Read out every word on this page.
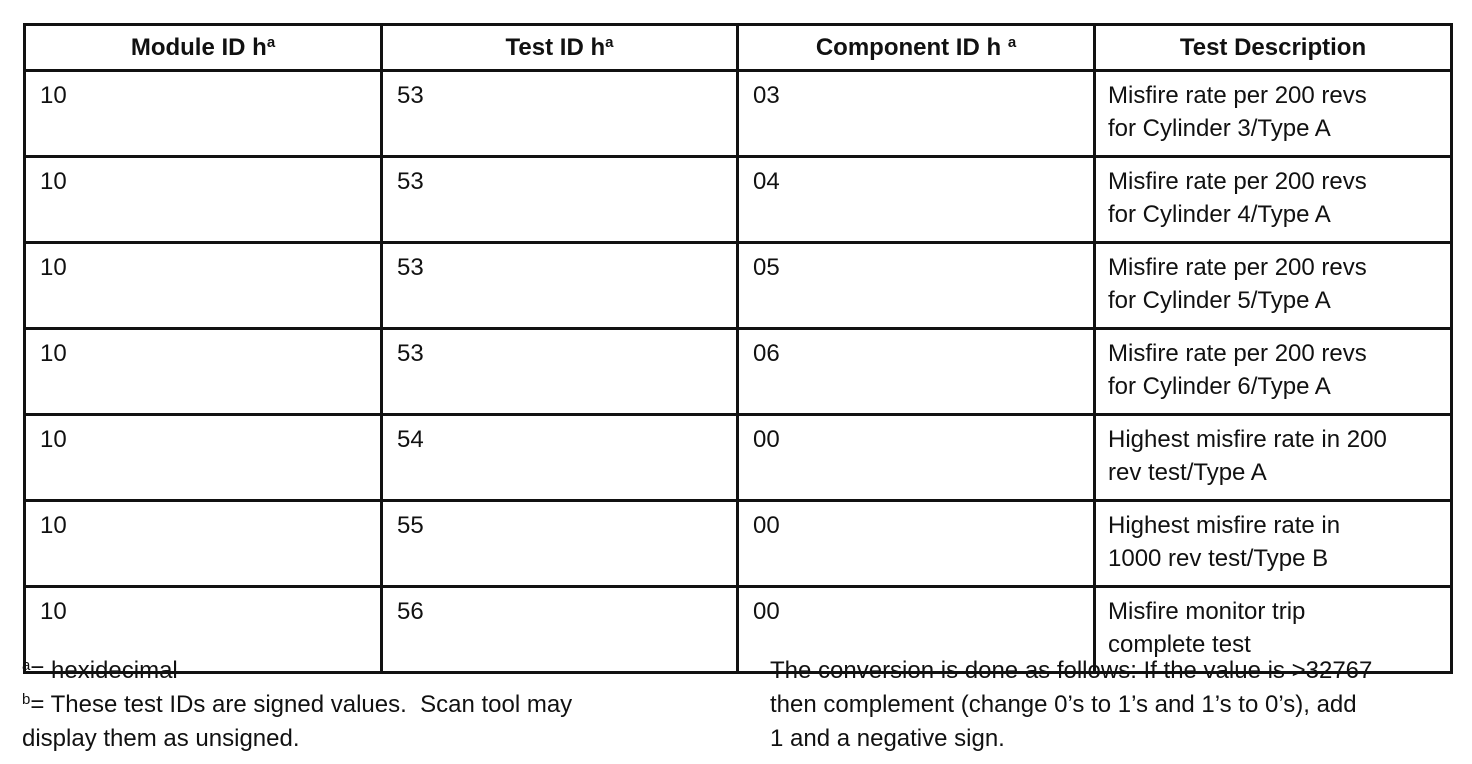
Module ID $h^a$	Test ID $h^a$	Component ID h $^a$	Test Description
10	53	03	Misfire rate per 200 revs
for Cylinder 3/Type A

10	53	04	Misfire rate per 200 revs
for Cylinder 4/Type A

10	53	05	Misfire rate per 200 revs
for Cylinder 5/Type A

10	53	06	Misfire rate per 200 revs
for Cylinder 6/Type A

10	54	00	Highest misfire rate in 200
rev test/Type A

10	55	00	Highest misfire rate in
1000 rev test/Type B

10	56	00	Misfire monitor trip
complete test
$^a$= hexidecimal
$^b$= These test IDs are signed values.  Scan tool may
display them as unsigned.
The conversion is done as follows: If the value is >32767
then complement (change 0’s to 1’s and 1’s to 0’s), add
1 and a negative sign.
